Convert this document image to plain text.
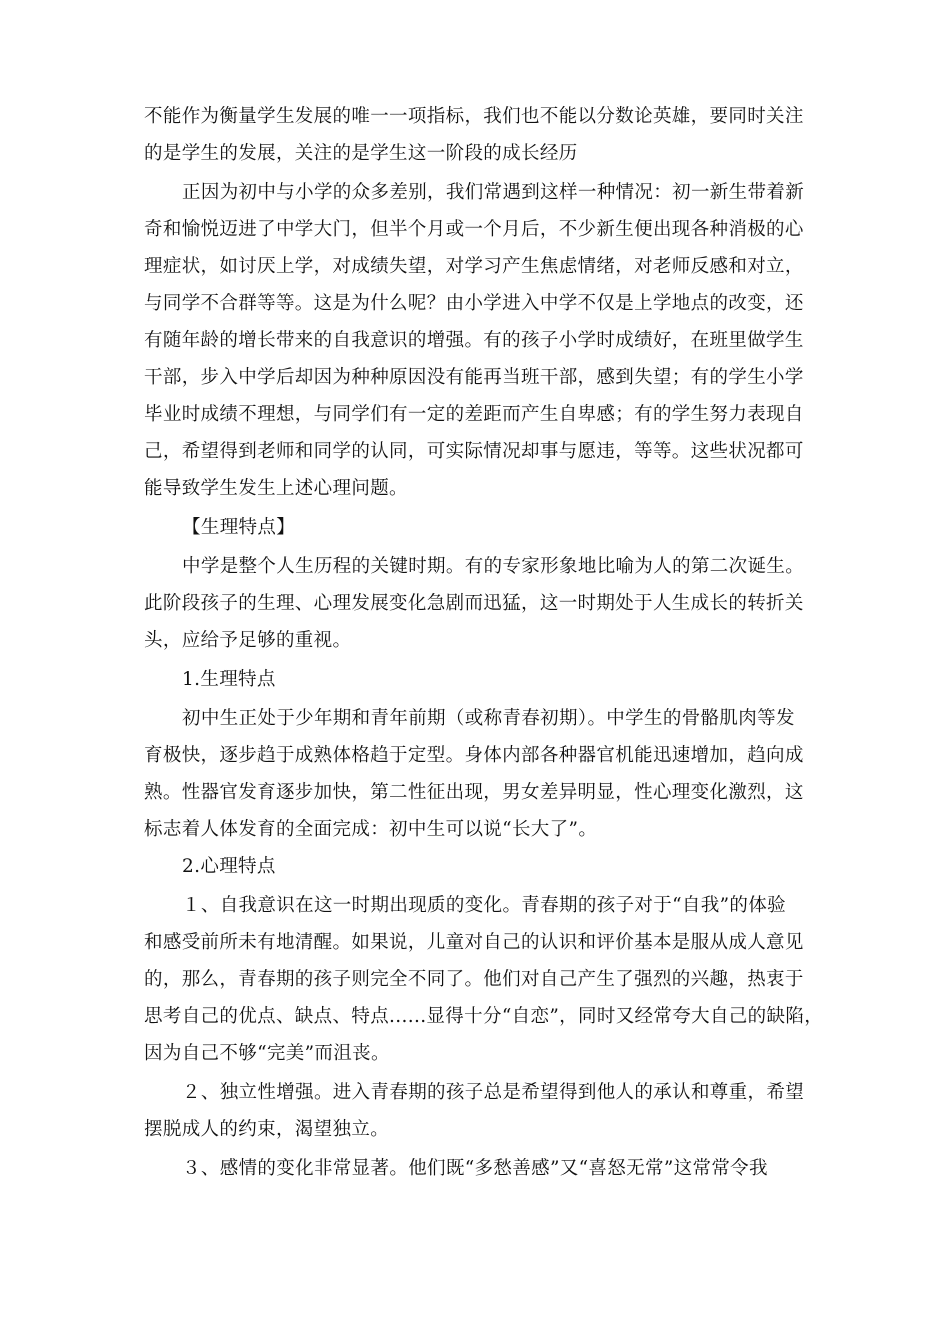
不能作为衡量学生发展的唯一一项指标，我们也不能以分数论英雄，要同时关注
的是学生的发展，关注的是学生这一阶段的成长经历
正因为初中与小学的众多差别，我们常遇到这样一种情况：初一新生带着新
奇和愉悦迈进了中学大门，但半个月或一个月后，不少新生便出现各种消极的心
理症状，如讨厌上学，对成绩失望，对学习产生焦虑情绪，对老师反感和对立，
与同学不合群等等。这是为什么呢？由小学进入中学不仅是上学地点的改变，还
有随年龄的增长带来的自我意识的增强。有的孩子小学时成绩好，在班里做学生
干部，步入中学后却因为种种原因没有能再当班干部，感到失望；有的学生小学
毕业时成绩不理想，与同学们有一定的差距而产生自卑感；有的学生努力表现自
己，希望得到老师和同学的认同，可实际情况却事与愿违，等等。这些状况都可
能导致学生发生上述心理问题。
【生理特点】
中学是整个人生历程的关键时期。有的专家形象地比喻为人的第二次诞生。
此阶段孩子的生理、心理发展变化急剧而迅猛，这一时期处于人生成长的转折关
头，应给予足够的重视。
1.生理特点
初中生正处于少年期和青年前期（或称青春初期）。中学生的骨骼肌肉等发
育极快，逐步趋于成熟体格趋于定型。身体内部各种器官机能迅速增加，趋向成
熟。性器官发育逐步加快，第二性征出现，男女差异明显，性心理变化激烈，这
标志着人体发育的全面完成：初中生可以说“长大了”。
2.心理特点
１、自我意识在这一时期出现质的变化。青春期的孩子对于“自我”的体验
和感受前所未有地清醒。如果说，儿童对自己的认识和评价基本是服从成人意见
的，那么，青春期的孩子则完全不同了。他们对自己产生了强烈的兴趣，热衷于
思考自己的优点、缺点、特点......显得十分“自恋”，同时又经常夸大自己的缺陷，
因为自己不够“完美”而沮丧。
２、独立性增强。进入青春期的孩子总是希望得到他人的承认和尊重，希望
摆脱成人的约束，渴望独立。
３、感情的变化非常显著。他们既“多愁善感”又“喜怒无常”这常常令我
